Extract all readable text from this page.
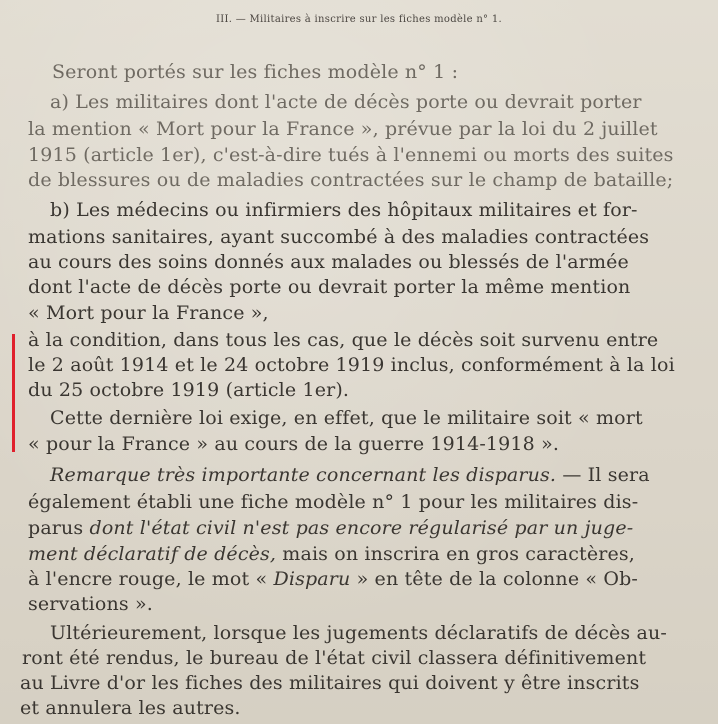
III. — Militaires à inscrire sur les fiches modèle n° 1.
Seront portés sur les fiches modèle n° 1 :
a) Les militaires dont l'acte de décès porte ou devrait porter
la mention « Mort pour la France », prévue par la loi du 2 juillet
1915 (article 1er), c'est-à-dire tués à l'ennemi ou morts des suites
de blessures ou de maladies contractées sur le champ de bataille;
b) Les médecins ou infirmiers des hôpitaux militaires et for-
mations sanitaires, ayant succombé à des maladies contractées
au cours des soins donnés aux malades ou blessés de l'armée
dont l'acte de décès porte ou devrait porter la même mention
« Mort pour la France »,
à la condition, dans tous les cas, que le décès soit survenu entre
le 2 août 1914 et le 24 octobre 1919 inclus, conformément à la loi
du 25 octobre 1919 (article 1er).
Cette dernière loi exige, en effet, que le militaire soit « mort
« pour la France » au cours de la guerre 1914-1918 ».
Remarque très importante concernant les disparus. — Il sera
également établi une fiche modèle n° 1 pour les militaires dis-
parus dont l'état civil n'est pas encore régularisé par un juge-
ment déclaratif de décès, mais on inscrira en gros caractères,
à l'encre rouge, le mot « Disparu » en tête de la colonne « Ob-
servations ».
Ultérieurement, lorsque les jugements déclaratifs de décès au-
ront été rendus, le bureau de l'état civil classera définitivement
au Livre d'or les fiches des militaires qui doivent y être inscrits
et annulera les autres.
